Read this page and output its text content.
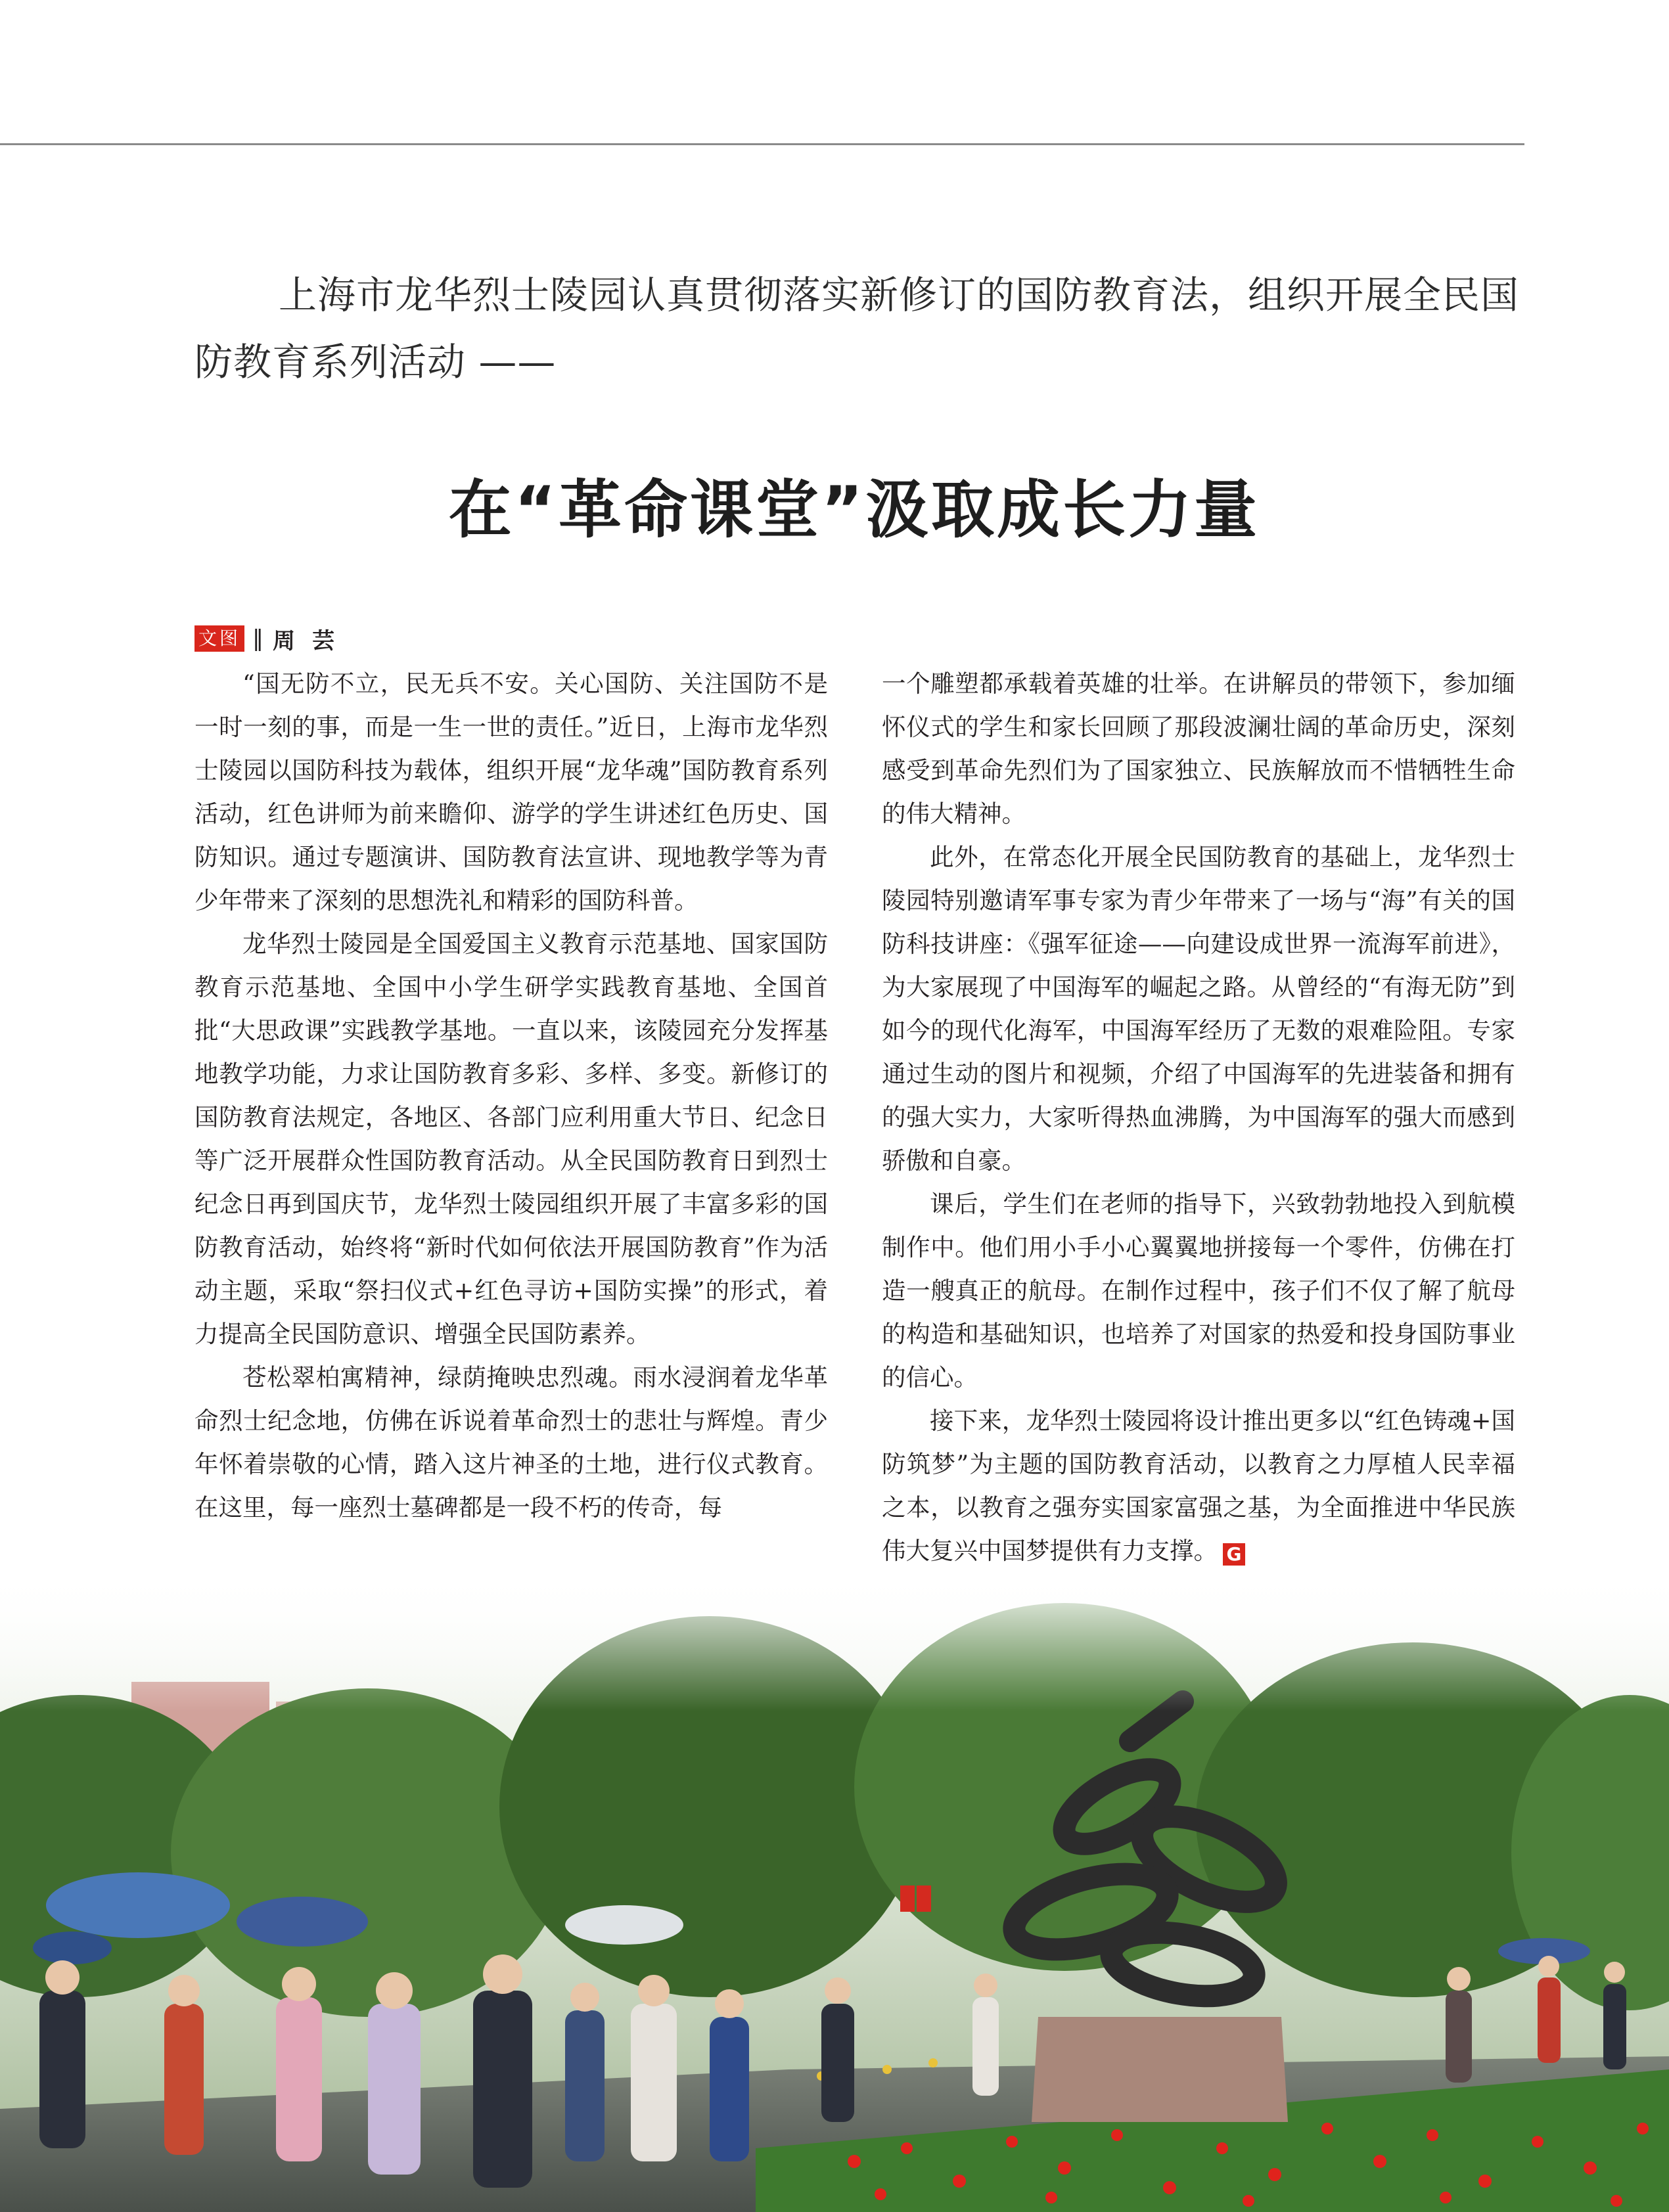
上海市龙华烈士陵园认真贯彻落实新修订的国防教育法，组织开展全民国防教育系列活动 ——

在“革命课堂”汲取成长力量
文图 ‖ 周芸

“国无防不立，民无兵不安。关心国防、关注国防不是一时一刻的事，而是一生一世的责任。”近日，上海市龙华烈士陵园以国防科技为载体，组织开展“龙华魂”国防教育系列活动，红色讲师为前来瞻仰、游学的学生讲述红色历史、国防知识。通过专题演讲、国防教育法宣讲、现地教学等为青少年带来了深刻的思想洗礼和精彩的国防科普。

龙华烈士陵园是全国爱国主义教育示范基地、国家国防教育示范基地、全国中小学生研学实践教育基地、全国首批“大思政课”实践教学基地。一直以来，该陵园充分发挥基地教学功能，力求让国防教育多彩、多样、多变。新修订的国防教育法规定，各地区、各部门应利用重大节日、纪念日等广泛开展群众性国防教育活动。从全民国防教育日到烈士纪念日再到国庆节，龙华烈士陵园组织开展了丰富多彩的国防教育活动，始终将“新时代如何依法开展国防教育”作为活动主题，采取“祭扫仪式+红色寻访+国防实操”的形式，着力提高全民国防意识、增强全民国防素养。

苍松翠柏寓精神，绿荫掩映忠烈魂。雨水浸润着龙华革命烈士纪念地，仿佛在诉说着革命烈士的悲壮与辉煌。青少年怀着崇敬的心情，踏入这片神圣的土地，进行仪式教育。在这里，每一座烈士墓碑都是一段不朽的传奇，每

一个雕塑都承载着英雄的壮举。在讲解员的带领下，参加缅怀仪式的学生和家长回顾了那段波澜壮阔的革命历史，深刻感受到革命先烈们为了国家独立、民族解放而不惜牺牲生命的伟大精神。

此外，在常态化开展全民国防教育的基础上，龙华烈士陵园特别邀请军事专家为青少年带来了一场与“海”有关的国防科技讲座：《强军征途——向建设成世界一流海军前进》，为大家展现了中国海军的崛起之路。从曾经的“有海无防”到如今的现代化海军，中国海军经历了无数的艰难险阻。专家通过生动的图片和视频，介绍了中国海军的先进装备和拥有的强大实力，大家听得热血沸腾，为中国海军的强大而感到骄傲和自豪。

课后，学生们在老师的指导下，兴致勃勃地投入到航模制作中。他们用小手小心翼翼地拼接每一个零件，仿佛在打造一艘真正的航母。在制作过程中，孩子们不仅了解了航母的构造和基础知识，也培养了对国家的热爱和投身国防事业的信心。

接下来，龙华烈士陵园将设计推出更多以“红色铸魂+国防筑梦”为主题的国防教育活动，以教育之力厚植人民幸福之本，以教育之强夯实国家富强之基，为全面推进中华民族伟大复兴中国梦提供有力支撑。 G
